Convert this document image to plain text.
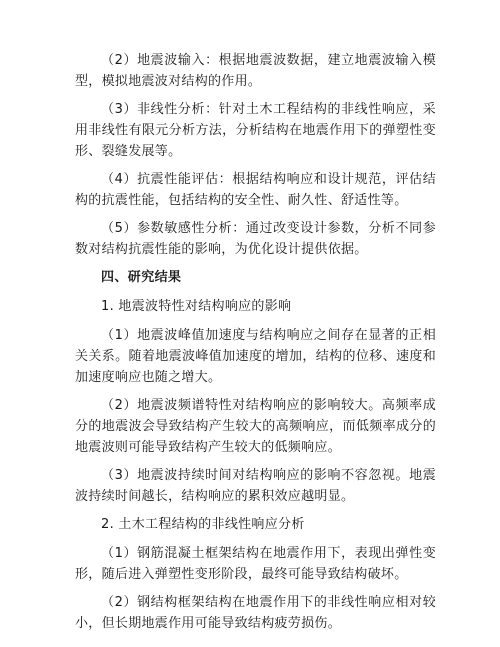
（2）地震波输入：根据地震波数据，建立地震波输入模型，模拟地震波对结构的作用。

（3）非线性分析：针对土木工程结构的非线性响应，采用非线性有限元分析方法，分析结构在地震作用下的弹塑性变形、裂缝发展等。

（4）抗震性能评估：根据结构响应和设计规范，评估结构的抗震性能，包括结构的安全性、耐久性、舒适性等。

（5）参数敏感性分析：通过改变设计参数，分析不同参数对结构抗震性能的影响，为优化设计提供依据。

四、研究结果
1. 地震波特性对结构响应的影响

（1）地震波峰值加速度与结构响应之间存在显著的正相关关系。随着地震波峰值加速度的增加，结构的位移、速度和加速度响应也随之增大。

（2）地震波频谱特性对结构响应的影响较大。高频率成分的地震波会导致结构产生较大的高频响应，而低频率成分的地震波则可能导致结构产生较大的低频响应。

（3）地震波持续时间对结构响应的影响不容忽视。地震波持续时间越长，结构响应的累积效应越明显。

2. 土木工程结构的非线性响应分析

（1）钢筋混凝土框架结构在地震作用下，表现出弹性变形，随后进入弹塑性变形阶段，最终可能导致结构破坏。

（2）钢结构框架结构在地震作用下的非线性响应相对较小，但长期地震作用可能导致结构疲劳损伤。
